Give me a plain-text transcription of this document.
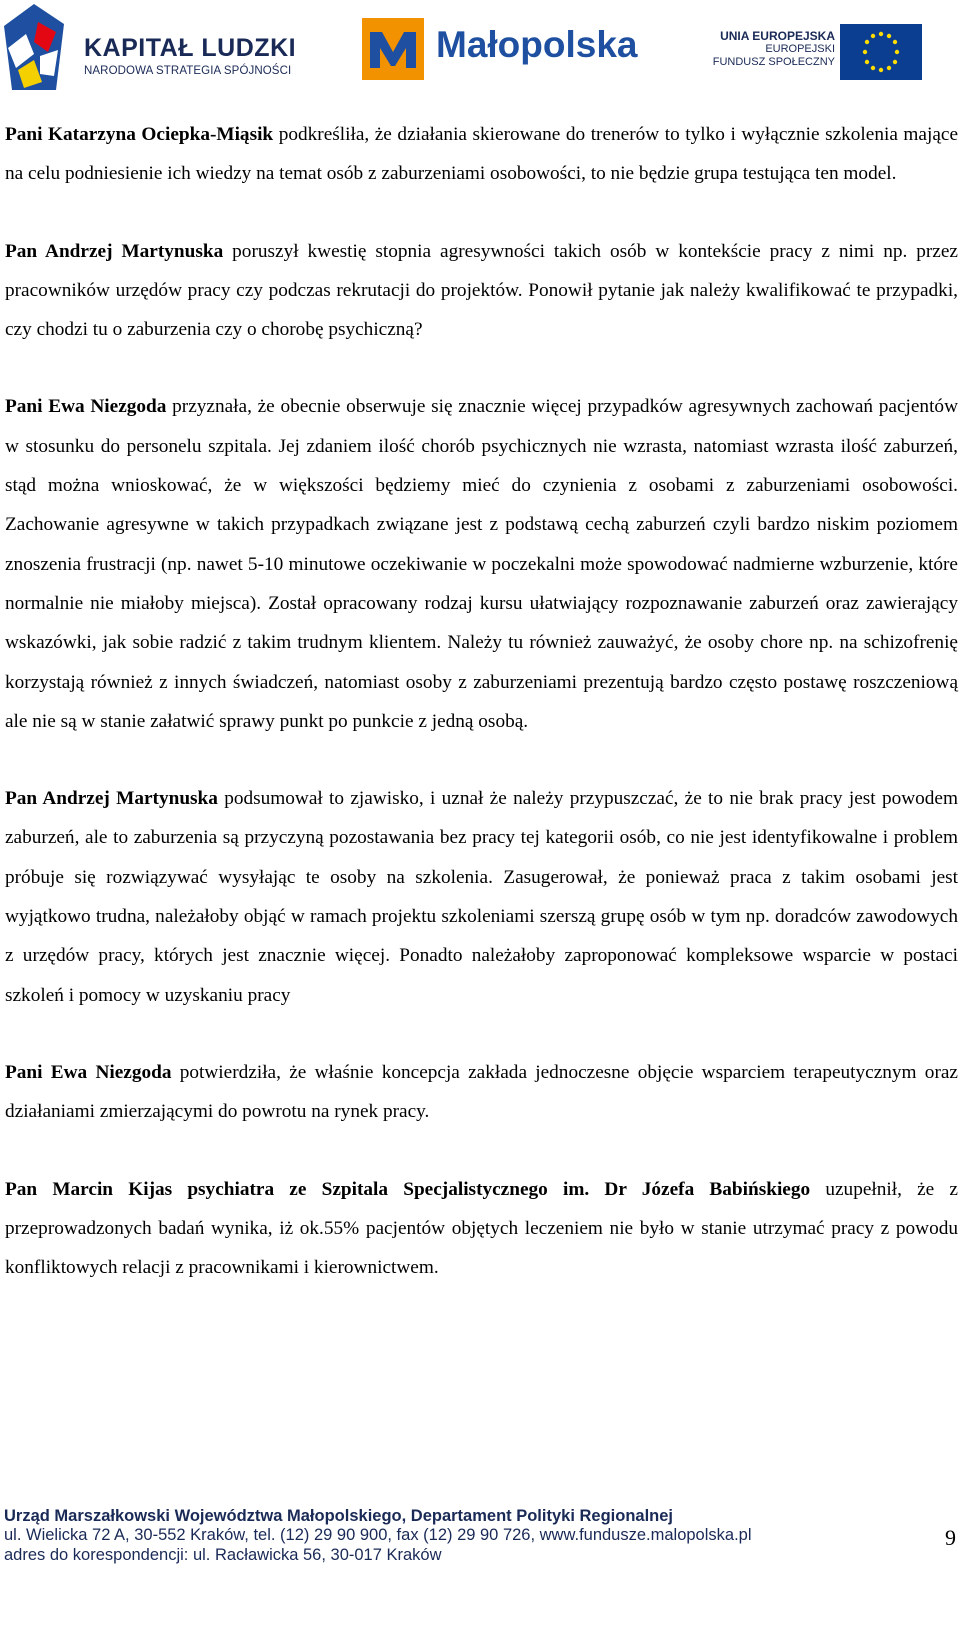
KAPITAŁ LUDZKI
NARODOWA STRATEGIA SPÓJNOŚCI
Małopolska	UNIA EUROPEJSKA
EUROPEJSKI
FUNDUSZ SPOŁECZNY

Pani Katarzyna Ociepka-Miąsik podkreśliła, że działania skierowane do trenerów to tylko i wyłącznie szkolenia mające na celu podniesienie ich wiedzy na temat osób z zaburzeniami osobowości, to nie będzie grupa testująca ten model.

Pan Andrzej Martynuska poruszył kwestię stopnia agresywności takich osób w kontekście pracy z nimi np. przez pracowników urzędów pracy czy podczas rekrutacji do projektów. Ponowił pytanie jak należy kwalifikować te przypadki, czy chodzi tu o zaburzenia czy o chorobę psychiczną?

Pani Ewa Niezgoda przyznała, że obecnie obserwuje się znacznie więcej przypadków agresywnych zachowań pacjentów w stosunku do personelu szpitala. Jej zdaniem ilość chorób psychicznych nie wzrasta, natomiast wzrasta ilość zaburzeń, stąd można wnioskować, że w większości będziemy mieć do czynienia z osobami z zaburzeniami osobowości. Zachowanie agresywne w takich przypadkach związane jest z podstawą cechą zaburzeń czyli bardzo niskim poziomem znoszenia frustracji (np. nawet 5-10 minutowe oczekiwanie w poczekalni może spowodować nadmierne wzburzenie, które normalnie nie miałoby miejsca). Został opracowany rodzaj kursu ułatwiający rozpoznawanie zaburzeń oraz zawierający wskazówki, jak sobie radzić z takim trudnym klientem. Należy tu również zauważyć, że osoby chore np. na schizofrenię korzystają również z innych świadczeń, natomiast osoby z zaburzeniami prezentują bardzo często postawę roszczeniową ale nie są w stanie załatwić sprawy punkt po punkcie z jedną osobą.

Pan Andrzej Martynuska podsumował to zjawisko, i uznał że należy przypuszczać, że to nie brak pracy jest powodem zaburzeń, ale to zaburzenia są przyczyną pozostawania bez pracy tej kategorii osób, co nie jest identyfikowalne i problem próbuje się rozwiązywać wysyłając te osoby na szkolenia. Zasugerował, że ponieważ praca z takim osobami jest wyjątkowo trudna, należałoby objąć w ramach projektu szkoleniami szerszą grupę osób w tym np. doradców zawodowych z urzędów pracy, których jest znacznie więcej. Ponadto należałoby zaproponować kompleksowe wsparcie w postaci szkoleń i pomocy w uzyskaniu pracy

Pani Ewa Niezgoda potwierdziła, że właśnie koncepcja zakłada jednoczesne objęcie wsparciem terapeutycznym oraz działaniami zmierzającymi do powrotu na rynek pracy.

Pan Marcin Kijas psychiatra ze Szpitala Specjalistycznego im. Dr Józefa Babińskiego uzupełnił, że z przeprowadzonych badań wynika, iż ok.55% pacjentów objętych leczeniem nie było w stanie utrzymać pracy z powodu konfliktowych relacji z pracownikami i kierownictwem.

Urząd Marszałkowski Województwa Małopolskiego, Departament Polityki Regionalnej
ul. Wielicka 72 A, 30-552 Kraków, tel. (12) 29 90 900, fax (12) 29 90 726, www.fundusze.malopolska.pl
adres do korespondencji: ul. Racławicka 56, 30-017 Kraków
9
